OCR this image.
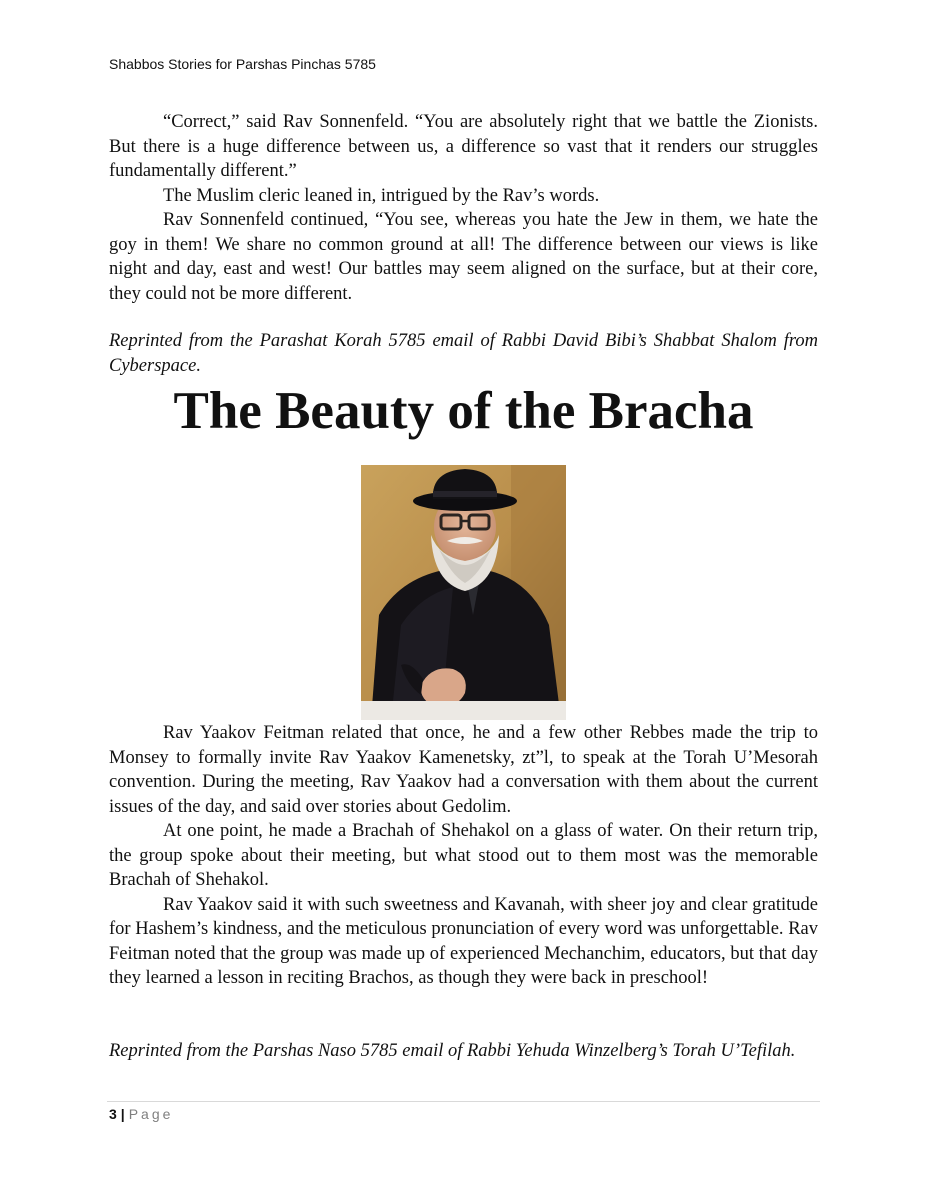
Shabbos Stories for Parshas Pinchas 5785

“Correct,” said Rav Sonnenfeld. “You are absolutely right that we battle the Zionists. But there is a huge difference between us, a difference so vast that it renders our struggles fundamentally different.”

The Muslim cleric leaned in, intrigued by the Rav’s words.

Rav Sonnenfeld continued, “You see, whereas you hate the Jew in them, we hate the goy in them! We share no common ground at all! The difference between our views is like night and day, east and west! Our battles may seem aligned on the surface, but at their core, they could not be more different.

Reprinted from the Parashat Korah 5785 email of Rabbi David Bibi’s Shabbat Shalom from Cyberspace.

The Beauty of the Bracha

Rav Yaakov Feitman related that once, he and a few other Rebbes made the trip to Monsey to formally invite Rav Yaakov Kamenetsky, zt”l, to speak at the Torah U’Mesorah convention. During the meeting, Rav Yaakov had a conversation with them about the current issues of the day, and said over stories about Gedolim.

At one point, he made a Brachah of Shehakol on a glass of water. On their return trip, the group spoke about their meeting, but what stood out to them most was the memorable Brachah of Shehakol.

Rav Yaakov said it with such sweetness and Kavanah, with sheer joy and clear gratitude for Hashem’s kindness, and the meticulous pronunciation of every word was unforgettable. Rav Feitman noted that the group was made up of experienced Mechanchim, educators, but that day they learned a lesson in reciting Brachos, as though they were back in preschool!

Reprinted from the Parshas Naso 5785 email of Rabbi Yehuda Winzelberg’s Torah U’Tefilah.

3 | Page
